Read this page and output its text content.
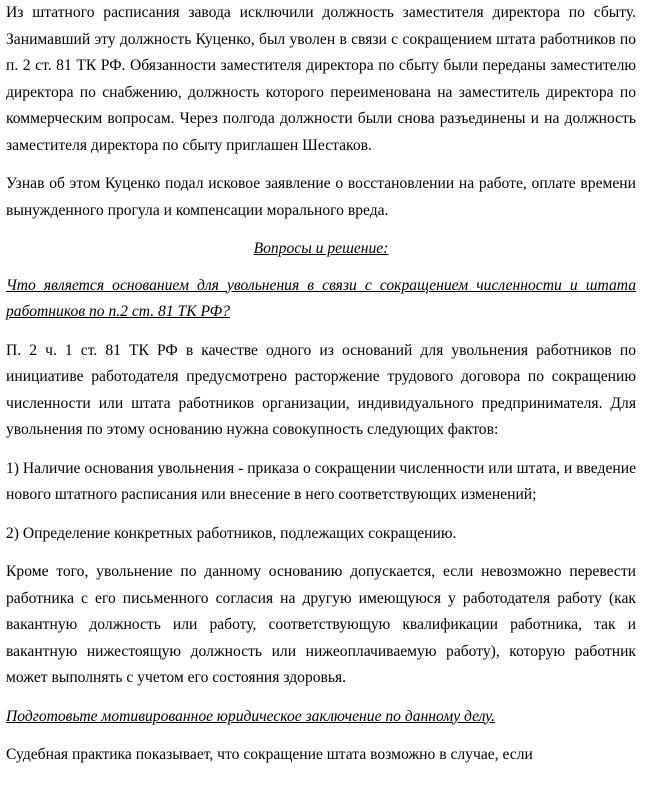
Из штатного расписания завода исключили должность заместителя директора по сбыту. Занимавший эту должность Куценко, был уволен в связи с сокращением штата работников по п. 2 ст. 81 ТК РФ. Обязанности заместителя директора по сбыту были переданы заместителю директора по снабжению, должность которого переименована на заместитель директора по коммерческим вопросам. Через полгода должности были снова разъединены и на должность заместителя директора по сбыту приглашен Шестаков.

Узнав об этом Куценко подал исковое заявление о восстановлении на работе, оплате времени вынужденного прогула и компенсации морального вреда.

Вопросы и решение:

Что является основанием для увольнения в связи с сокращением численности и штата работников по п.2 ст. 81 ТК РФ?

П. 2 ч. 1 ст. 81 ТК РФ в качестве одного из оснований для увольнения работников по инициативе работодателя предусмотрено расторжение трудового договора по сокращению численности или штата работников организации, индивидуального предпринимателя. Для увольнения по этому основанию нужна совокупность следующих фактов:

1) Наличие основания увольнения - приказа о сокращении численности или штата, и введение нового штатного расписания или внесение в него соответствующих изменений;

2) Определение конкретных работников, подлежащих сокращению.

Кроме того, увольнение по данному основанию допускается, если невозможно перевести работника с его письменного согласия на другую имеющуюся у работодателя работу (как вакантную должность или работу, соответствующую квалификации работника, так и вакантную нижестоящую должность или нижеоплачиваемую работу), которую работник может выполнять с учетом его состояния здоровья.

Подготовьте мотивированное юридическое заключение по данному делу.

Судебная практика показывает, что сокращение штата возможно в случае, если
